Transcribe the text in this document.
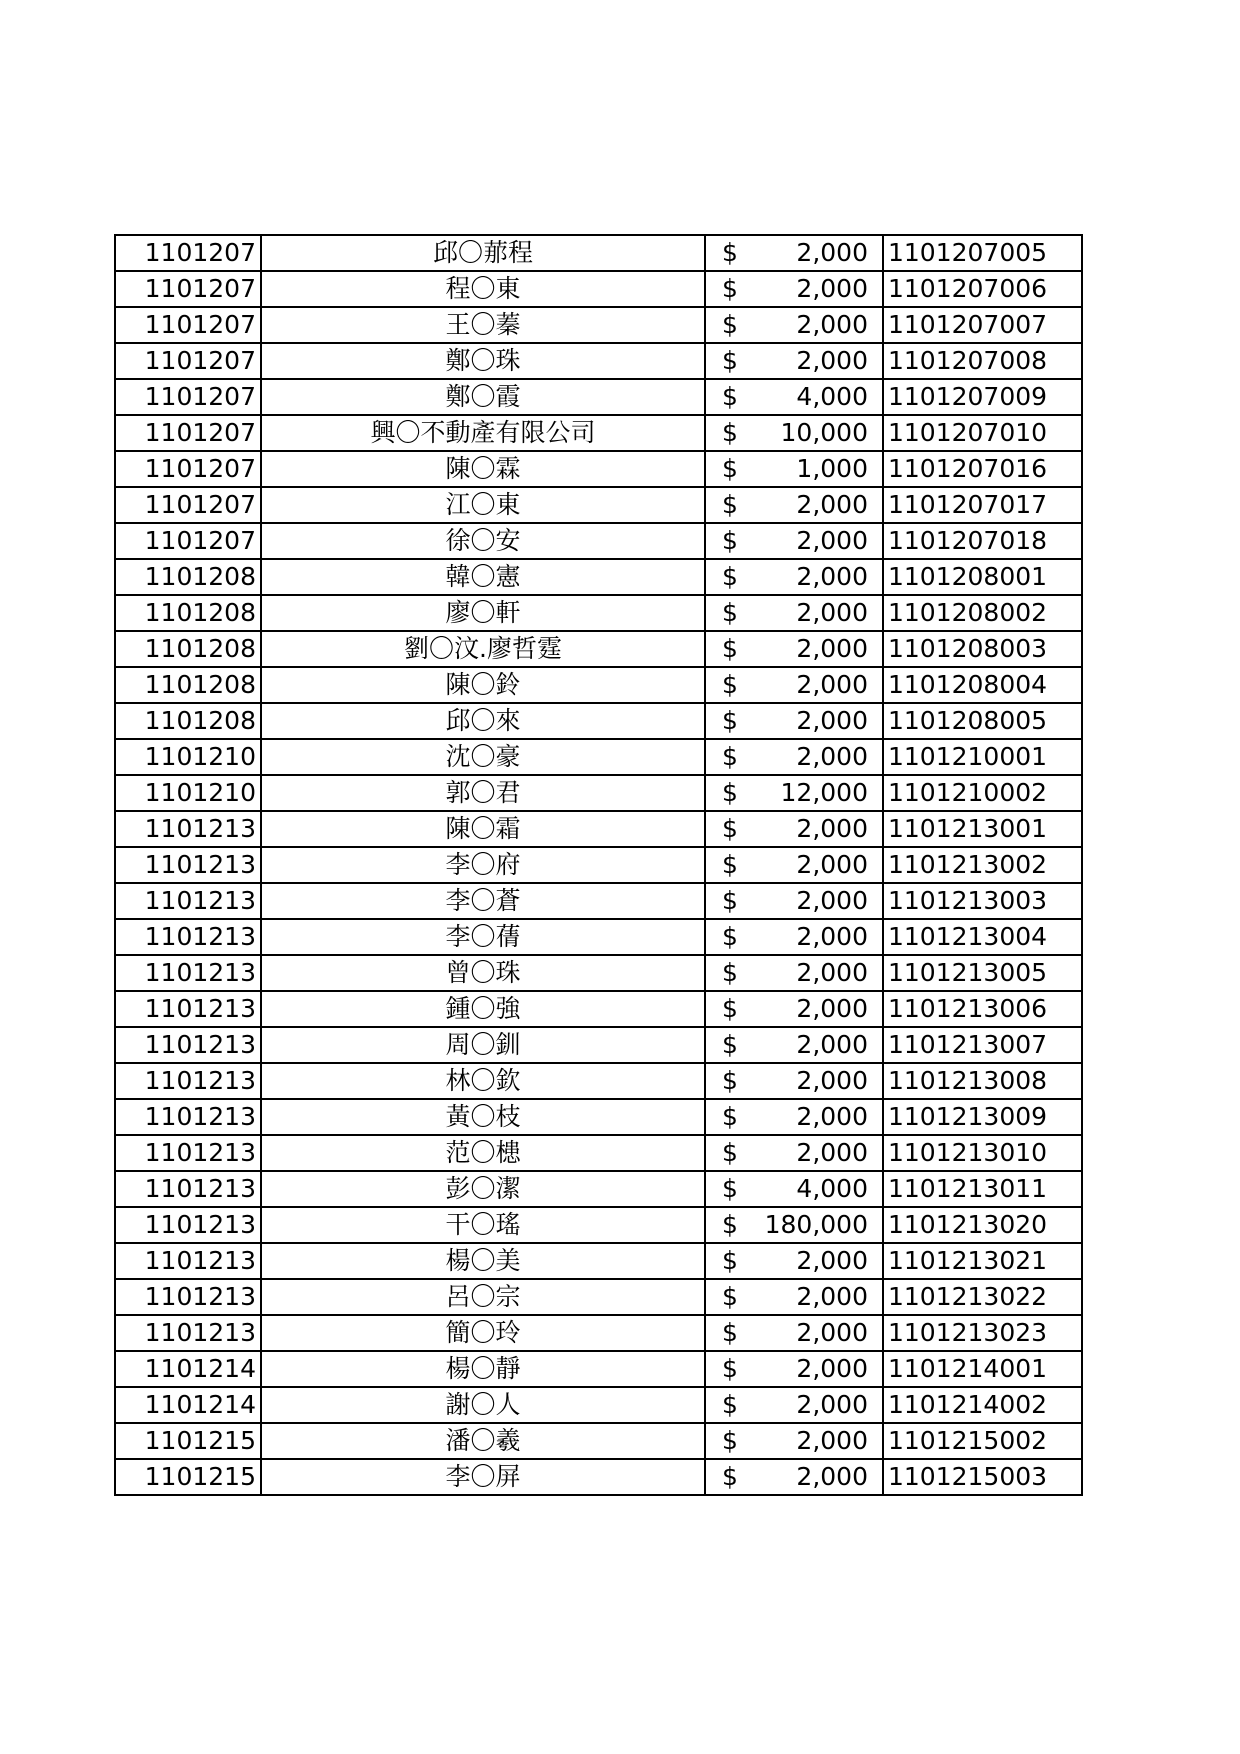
1101207	邱〇𦰡程	$	2,000	1101207005
1101207	程〇東	$	2,000	1101207006
1101207	王〇蓁	$	2,000	1101207007
1101207	鄭〇珠	$	2,000	1101207008
1101207	鄭〇霞	$	4,000	1101207009
1101207	興〇不動產有限公司	$	10,000	1101207010
1101207	陳〇霖	$	1,000	1101207016
1101207	江〇東	$	2,000	1101207017
1101207	徐〇安	$	2,000	1101207018
1101208	韓〇憲	$	2,000	1101208001
1101208	廖〇軒	$	2,000	1101208002
1101208	劉〇汶.廖哲霆	$	2,000	1101208003
1101208	陳〇鈴	$	2,000	1101208004
1101208	邱〇來	$	2,000	1101208005
1101210	沈〇豪	$	2,000	1101210001
1101210	郭〇君	$	12,000	1101210002
1101213	陳〇霜	$	2,000	1101213001
1101213	李〇府	$	2,000	1101213002
1101213	李〇蒼	$	2,000	1101213003
1101213	李〇蒨	$	2,000	1101213004
1101213	曾〇珠	$	2,000	1101213005
1101213	鍾〇強	$	2,000	1101213006
1101213	周〇釧	$	2,000	1101213007
1101213	林〇欽	$	2,000	1101213008
1101213	黃〇枝	$	2,000	1101213009
1101213	范〇槵	$	2,000	1101213010
1101213	彭〇潔	$	4,000	1101213011
1101213	干〇瑤	$	180,000	1101213020
1101213	楊〇美	$	2,000	1101213021
1101213	呂〇宗	$	2,000	1101213022
1101213	簡〇玲	$	2,000	1101213023
1101214	楊〇靜	$	2,000	1101214001
1101214	謝〇人	$	2,000	1101214002
1101215	潘〇羲	$	2,000	1101215002
1101215	李〇屏	$	2,000	1101215003
